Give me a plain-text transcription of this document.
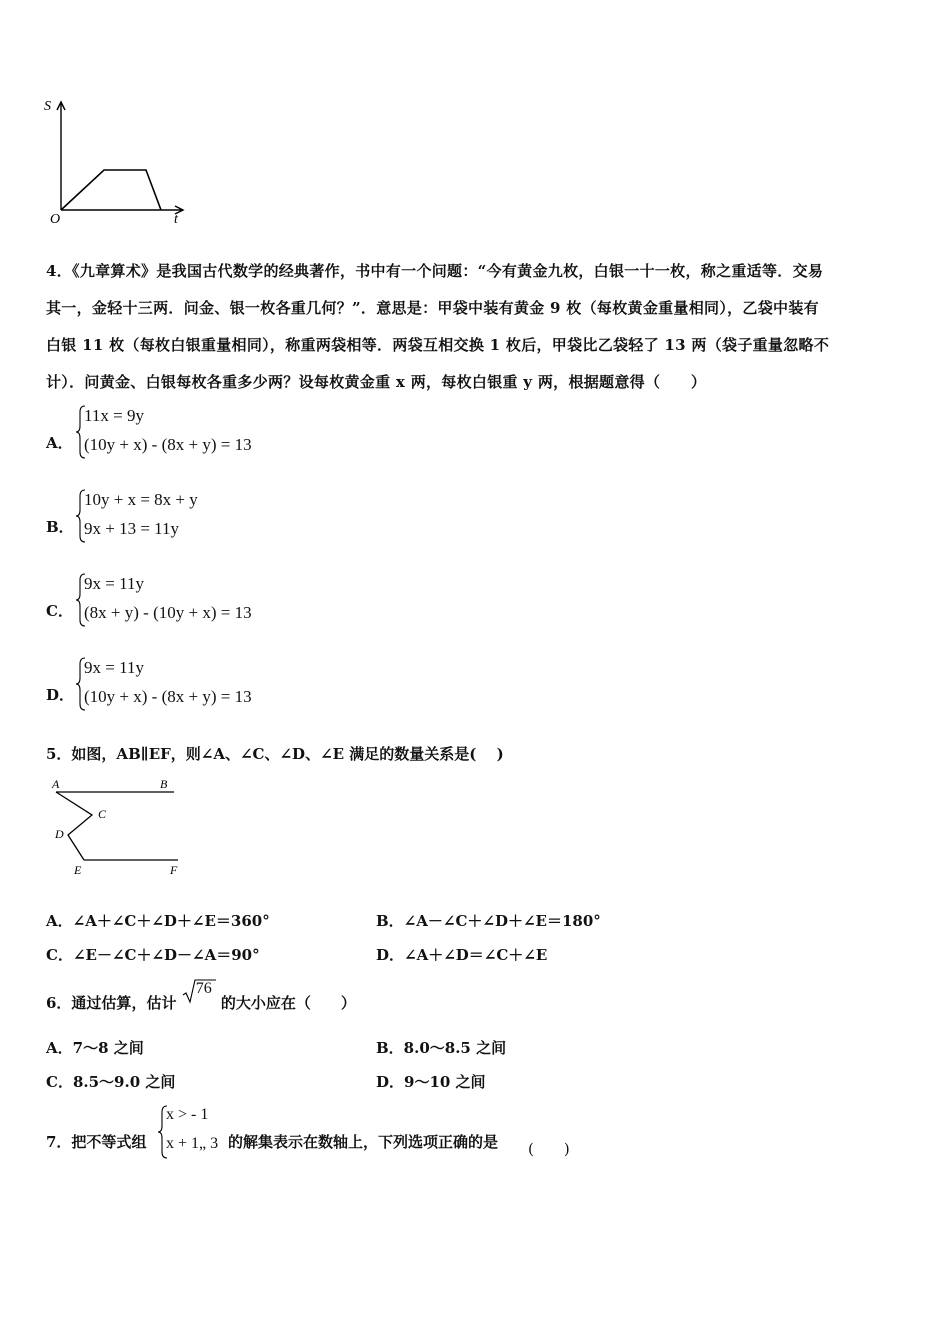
S
t
O
4．《九章算术》是我国古代数学的经典著作，书中有一个问题：“今有黄金九枚，白银一十一枚，称之重适等．交易
其一，金轻十三两．问金、银一枚各重几何？”．意思是：甲袋中装有黄金 9 枚（每枚黄金重量相同），乙袋中装有
白银 11 枚（每枚白银重量相同），称重两袋相等．两袋互相交换 1 枚后，甲袋比乙袋轻了 13 两（袋子重量忽略不
计）．问黄金、白银每枚各重多少两？设每枚黄金重 x 两，每枚白银重 y 两，根据题意得（　　）
A．
11x = 9y
(10y + x) - (8x + y) = 13
B．
10y + x = 8x + y
9x + 13 = 11y
C．
9x = 11y
(8x + y) - (10y + x) = 13
D．
9x = 11y
(10y + x) - (8x + y) = 13
5．如图，AB∥EF，则∠A、∠C、∠D、∠E 满足的数量关系是(　 )
A	B
C
D
E	F
A．∠A＋∠C＋∠D＋∠E＝360°	B．∠A－∠C＋∠D＋∠E＝180°
C．∠E－∠C＋∠D－∠A＝90°	D．∠A＋∠D＝∠C＋∠E
6．通过估算，估计
76
的大小应在（　　）
A．7～8 之间	B．8.0～8.5 之间
C．8.5～9.0 之间	D．9～10 之间
7．把不等式组
x > - 1
x + 1„ 3 的解集表示在数轴上，下列选项正确的是 (　　)
